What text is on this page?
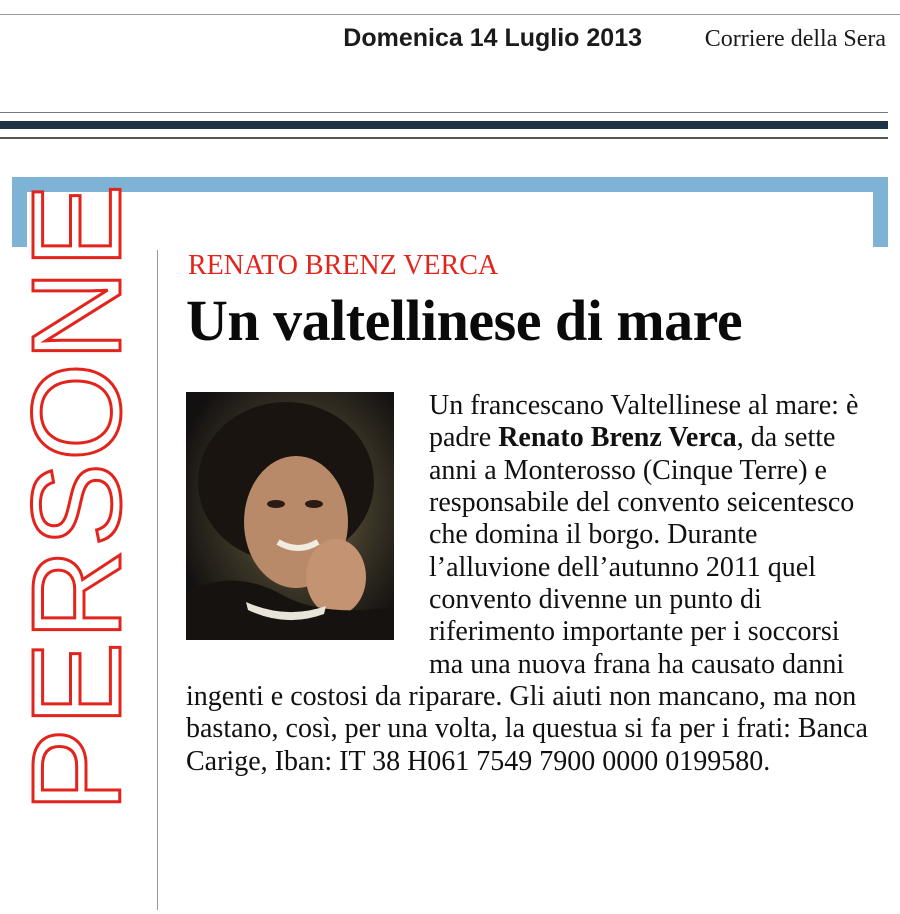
Domenica 14 Luglio 2013	Corriere della Sera
PERSONE RENATO BRENZ VERCA
Un valtellinese di mare

Un francescano Valtellinese al mare: è padre Renato Brenz Verca, da sette anni a Monterosso (Cinque Terre) e responsabile del convento seicentesco che domina il borgo. Durante l’alluvione dell’autunno 2011 quel convento divenne un punto di riferimento importante per i soccorsi ma una nuova frana ha causato danni ingenti e costosi da riparare. Gli aiuti non mancano, ma non bastano, così, per una volta, la questua si fa per i frati: Banca Carige, Iban: IT 38 H061 7549 7900 0000 0199580.
